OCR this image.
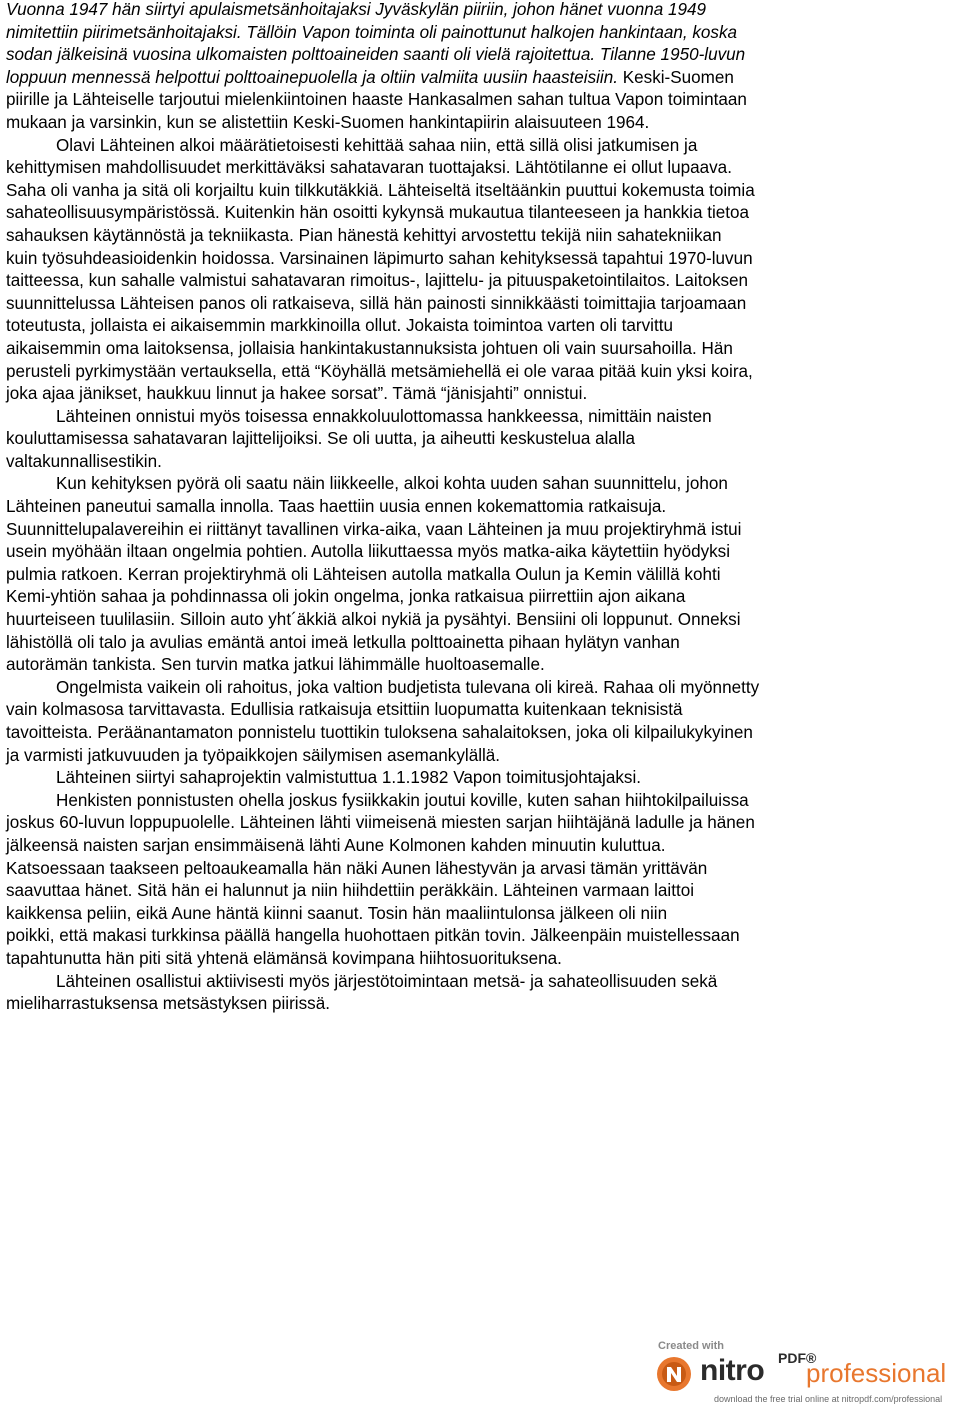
Vuonna 1947 hän siirtyi apulaismetsänhoitajaksi Jyväskylän piiriin, johon hänet vuonna 1949
nimitettiin piirimetsänhoitajaksi. Tällöin Vapon toiminta oli painottunut halkojen hankintaan, koska
sodan jälkeisinä vuosina ulkomaisten polttoaineiden saanti oli vielä rajoitettua. Tilanne 1950-luvun
loppuun mennessä helpottui polttoainepuolella ja oltiin valmiita uusiin haasteisiin. Keski-Suomen
piirille ja Lähteiselle tarjoutui mielenkiintoinen haaste Hankasalmen sahan tultua Vapon toimintaan
mukaan ja varsinkin, kun se alistettiin Keski-Suomen hankintapiirin alaisuuteen 1964.
Olavi Lähteinen alkoi määrätietoisesti kehittää sahaa niin, että sillä olisi jatkumisen ja
kehittymisen mahdollisuudet merkittäväksi sahatavaran tuottajaksi. Lähtötilanne ei ollut lupaava.
Saha oli vanha ja sitä oli korjailtu kuin tilkkutäkkiä. Lähteiseltä itseltäänkin puuttui kokemusta toimia
sahateollisuusympäristössä. Kuitenkin hän osoitti kykynsä mukautua tilanteeseen ja hankkia tietoa
sahauksen käytännöstä ja tekniikasta. Pian hänestä kehittyi arvostettu tekijä niin sahatekniikan
kuin työsuhdeasioidenkin hoidossa. Varsinainen läpimurto sahan kehityksessä tapahtui 1970-luvun
taitteessa, kun sahalle valmistui sahatavaran rimoitus-, lajittelu- ja pituuspaketointilaitos. Laitoksen
suunnittelussa Lähteisen panos oli ratkaiseva, sillä hän painosti sinnikkäästi toimittajia tarjoamaan
toteutusta, jollaista ei aikaisemmin markkinoilla ollut. Jokaista toimintoa varten oli tarvittu
aikaisemmin oma laitoksensa, jollaisia hankintakustannuksista johtuen oli vain suursahoilla. Hän
perusteli pyrkimystään vertauksella, että “Köyhällä metsämiehellä ei ole varaa pitää kuin yksi koira,
joka ajaa jänikset, haukkuu linnut ja hakee sorsat”. Tämä “jänisjahti” onnistui.
Lähteinen onnistui myös toisessa ennakkoluulottomassa hankkeessa, nimittäin naisten
kouluttamisessa sahatavaran lajittelijoiksi. Se oli uutta, ja aiheutti keskustelua alalla
valtakunnallisestikin.
Kun kehityksen pyörä oli saatu näin liikkeelle, alkoi kohta uuden sahan suunnittelu, johon
Lähteinen paneutui samalla innolla. Taas haettiin uusia ennen kokemattomia ratkaisuja.
Suunnittelupalavereihin ei riittänyt tavallinen virka-aika, vaan Lähteinen ja muu projektiryhmä istui
usein myöhään iltaan ongelmia pohtien. Autolla liikuttaessa myös matka-aika käytettiin hyödyksi
pulmia ratkoen. Kerran projektiryhmä oli Lähteisen autolla matkalla Oulun ja Kemin välillä kohti
Kemi-yhtiön sahaa ja pohdinnassa oli jokin ongelma, jonka ratkaisua piirrettiin ajon aikana
huurteiseen tuulilasiin. Silloin auto yht´äkkiä alkoi nykiä ja pysähtyi. Bensiini oli loppunut. Onneksi
lähistöllä oli talo ja avulias emäntä antoi imeä letkulla polttoainetta pihaan hylätyn vanhan
autorämän tankista. Sen turvin matka jatkui lähimmälle huoltoasemalle.
Ongelmista vaikein oli rahoitus, joka valtion budjetista tulevana oli kireä. Rahaa oli myönnetty
vain kolmasosa tarvittavasta. Edullisia ratkaisuja etsittiin luopumatta kuitenkaan teknisistä
tavoitteista. Peräänantamaton ponnistelu tuottikin tuloksena sahalaitoksen, joka oli kilpailukykyinen
ja varmisti jatkuvuuden ja työpaikkojen säilymisen asemankylällä.
Lähteinen siirtyi sahaprojektin valmistuttua 1.1.1982 Vapon toimitusjohtajaksi.
Henkisten ponnistusten ohella joskus fysiikkakin joutui koville, kuten sahan hiihtokilpailuissa
joskus 60-luvun loppupuolelle. Lähteinen lähti viimeisenä miesten sarjan hiihtäjänä ladulle ja hänen
jälkeensä naisten sarjan ensimmäisenä lähti Aune Kolmonen kahden minuutin kuluttua.
Katsoessaan taakseen peltoaukeamalla hän näki Aunen lähestyvän ja arvasi tämän yrittävän
saavuttaa hänet. Sitä hän ei halunnut ja niin hiihdettiin peräkkäin. Lähteinen varmaan laittoi
kaikkensa peliin, eikä Aune häntä kiinni saanut. Tosin hän maaliintulonsa jälkeen oli niin
poikki, että makasi turkkinsa päällä hangella huohottaen pitkän tovin. Jälkeenpäin muistellessaan
tapahtunutta hän piti sitä yhtenä elämänsä kovimpana hiihtosuorituksena.
Lähteinen osallistui aktiivisesti myös järjestötoimintaan metsä- ja sahateollisuuden sekä
mieliharrastuksensa metsästyksen piirissä.
Created with
nitro PDF®
professional
download the free trial online at nitropdf.com/professional
